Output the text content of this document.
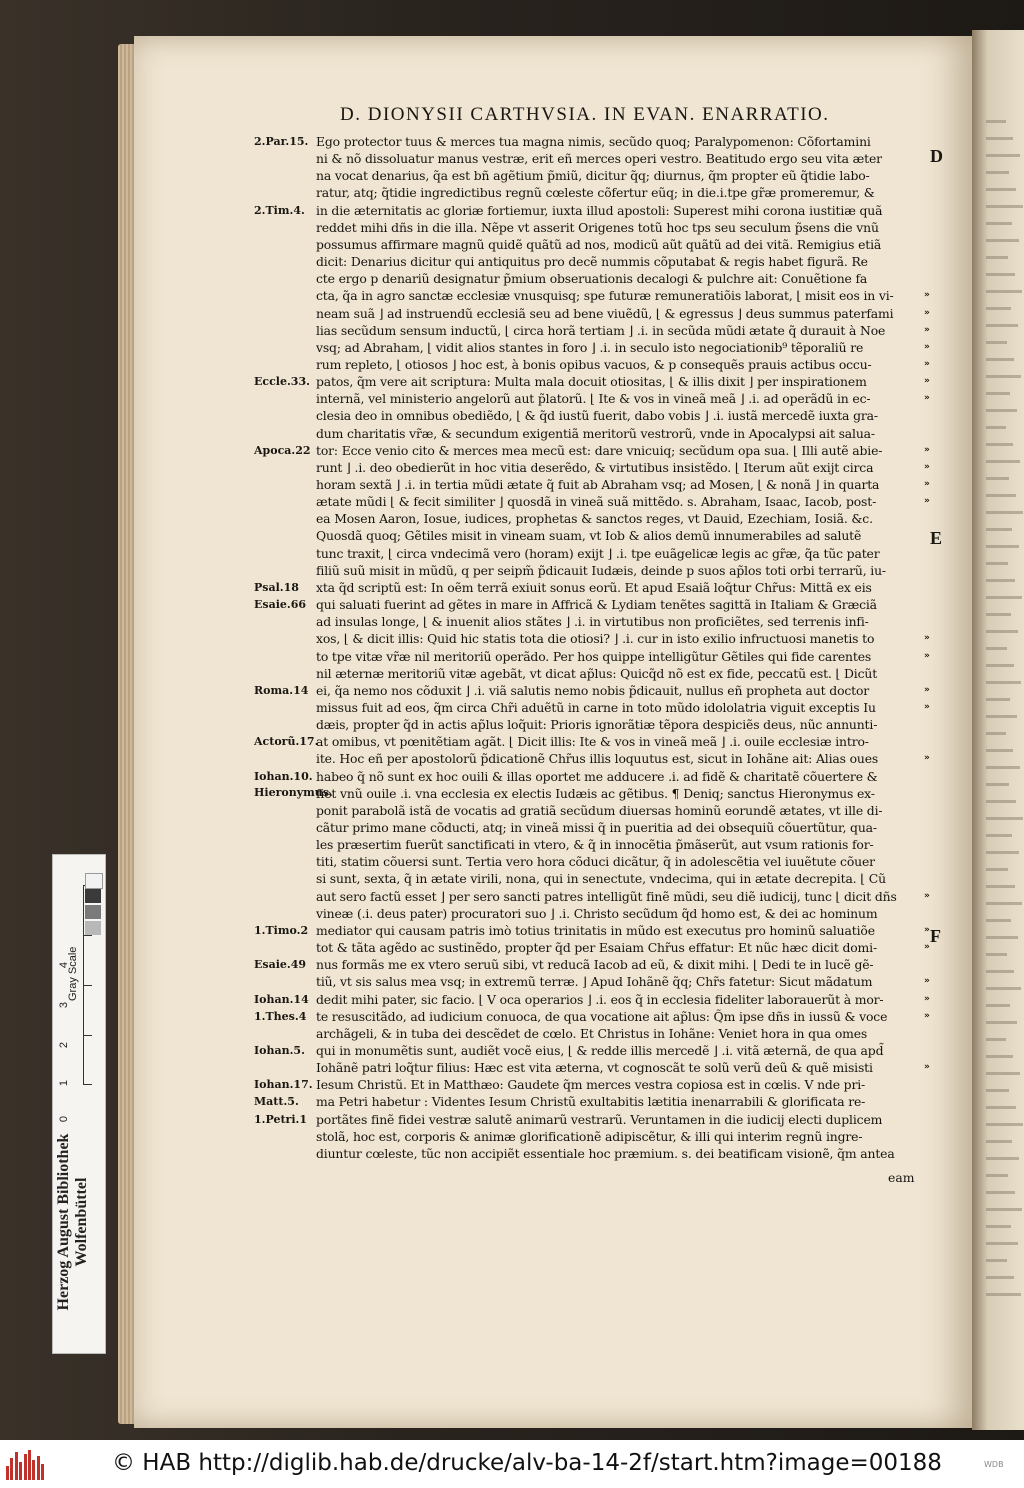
D. DIONYSII CARTHVSIA. IN EVAN. ENARRATIO.
D
E
F
Ego protector tuus & merces tua magna nimis, secũdo quoq; Paralypomenon: Cõfortamini
ni & nõ dissoluatur manus vestræ, erit eñ merces operi vestro. Beatitudo ergo seu vita æter
na vocat denarius, q̃a est bñ agẽtium p̃miũ, dicitur q̃q; diurnus, q̃m propter eũ q̃tidie labo-
ratur, atq; q̃tidie ingredictibus regnũ cœleste cõfertur eũq; in die.i.tpe gr̃æ promeremur, &
in die æternitatis ac gloriæ fortiemur, iuxta illud apostoli: Superest mihi corona iustitiæ quã
reddet mihi dñs in die illa. Nẽpe vt asserit Origenes totũ hoc tps seu seculum p̃sens die vnũ
possumus affirmare magnũ quidẽ quãtũ ad nos, modicũ aũt quãtũ ad dei vitã. Remigius etiã
dicit: Denarius dicitur qui antiquitus pro decẽ nummis cõputabat & regis habet figurã. Re
cte ergo p denariũ designatur p̃mium obseruationis decalogi & pulchre ait: Conuẽtione fa
cta, q̃a in agro sanctæ ecclesiæ vnusquisq; spe futuræ remuneratiõis laborat, ⌊ misit eos in vi-
neam suã ⌋ ad instruendũ ecclesiã seu ad bene viuẽdũ, ⌊ & egressus ⌋ deus summus paterfami
lias secũdum sensum inductũ, ⌊ circa horã tertiam ⌋ .i. in secũda mũdi ætate q̃ durauit à Noe
vsq; ad Abraham, ⌊ vidit alios stantes in foro ⌋ .i. in seculo isto negociationib⁹ tẽporaliũ re
rum repleto, ⌊ otiosos ⌋ hoc est, à bonis opibus vacuos, & p consequẽs prauis actibus occu-
patos, q̃m vere ait scriptura: Multa mala docuit otiositas, ⌊ & illis dixit ⌋ per inspirationem
internã, vel ministerio angelorũ aut p̃latorũ. ⌊ Ite & vos in vineã meã ⌋ .i. ad operãdũ in ec-
clesia deo in omnibus obediẽdo, ⌊ & q̃d iustũ fuerit, dabo vobis ⌋ .i. iustã mercedẽ iuxta gra-
dum charitatis vr̃æ, & secundum exigentiã meritorũ vestrorũ, vnde in Apocalypsi ait salua-
tor: Ecce venio cito & merces mea mecũ est: dare vnicuiq; secũdum opa sua. ⌊ Illi autẽ abie-
runt ⌋ .i. deo obedierũt in hoc vitia deserẽdo, & virtutibus insistẽdo. ⌊ Iterum aũt exijt circa
horam sextã ⌋ .i. in tertia mũdi ætate q̃ fuit ab Abraham vsq; ad Mosen, ⌊ & nonã ⌋ in quarta
ætate mũdi ⌊ & fecit similiter ⌋ quosdã in vineã suã mittẽdo. s. Abraham, Isaac, Iacob, post-
ea Mosen Aaron, Iosue, iudices, prophetas & sanctos reges, vt Dauid, Ezechiam, Iosiã. &c.
Quosdã quoq; Gẽtiles misit in vineam suam, vt Iob & alios demũ innumerabiles ad salutẽ
tunc traxit, ⌊ circa vndecimã vero (horam) exijt ⌋ .i. tpe euãgelicæ legis ac gr̃æ, q̃a tũc pater
filiũ suũ misit in mũdũ, q per seipm̃ p̃dicauit Iudæis, deinde p suos ap̃los toti orbi terrarũ, iu-
xta q̃d scriptũ est: In oẽm terrã exiuit sonus eorũ. Et apud Esaiã loq̃tur Chr̃us: Mittã ex eis
qui saluati fuerint ad gẽtes in mare in Affricã & Lydiam tenẽtes sagittã in Italiam & Græciã
ad insulas longe, ⌊ & inuenit alios stãtes ⌋ .i. in virtutibus non proficiẽtes, sed terrenis infi-
xos, ⌊ & dicit illis: Quid hic statis tota die otiosi? ⌋ .i. cur in isto exilio infructuosi manetis to
to tpe vitæ vr̃æ nil meritoriũ operãdo. Per hos quippe intelligũtur Gẽtiles qui fide carentes
nil æternæ meritoriũ vitæ agebãt, vt dicat ap̃lus: Quicq̃d nõ est ex fide, peccatũ est. ⌊ Dicũt
ei, q̃a nemo nos cõduxit ⌋ .i. viã salutis nemo nobis p̃dicauit, nullus eñ propheta aut doctor
missus fuit ad eos, q̃m circa Chr̃i aduẽtũ in carne in toto mũdo idololatria viguit exceptis Iu
dæis, propter q̃d in actis ap̃lus loq̃uit: Prioris ignorãtiæ tẽpora despiciẽs deus, nũc annunti-
at omibus, vt pœnitẽtiam agãt. ⌊ Dicit illis: Ite & vos in vineã meã ⌋ .i. ouile ecclesiæ intro-
ite. Hoc eñ per apostolorũ p̃dicationẽ Chr̃us illis loquutus est, sicut in Iohãne ait: Alias oues
habeo q̃ nõ sunt ex hoc ouili & illas oportet me adducere .i. ad fidẽ & charitatẽ cõuertere &
fiet vnũ ouile .i. vna ecclesia ex electis Iudæis ac gẽtibus. ¶ Deniq; sanctus Hieronymus ex-
ponit parabolã istã de vocatis ad gratiã secũdum diuersas hominũ eorundẽ ætates, vt ille di-
cãtur primo mane cõducti, atq; in vineã missi q̃ in pueritia ad dei obsequiũ cõuertũtur, qua-
les præsertim fuerũt sanctificati in vtero, & q̃ in innocẽtia p̃mãserũt, aut vsum rationis for-
titi, statim cõuersi sunt. Tertia vero hora cõduci dicãtur, q̃ in adolescẽtia vel iuuẽtute cõuer
si sunt, sexta, q̃ in ætate virili, nona, qui in senectute, vndecima, qui in ætate decrepita. ⌊ Cũ
aut sero factũ esset ⌋ per sero sancti patres intelligũt finẽ mũdi, seu diẽ iudicij, tunc ⌊ dicit dñs
vineæ (.i. deus pater) procuratori suo ⌋ .i. Christo secũdum q̃d homo est, & dei ac hominum
mediator qui causam patris imò totius trinitatis in mũdo est executus pro hominũ saluatiõe
tot & tãta agẽdo ac sustinẽdo, propter q̃d per Esaiam Chr̃us effatur: Et nũc hæc dicit domi-
nus formãs me ex vtero seruũ sibi, vt reducã Iacob ad eũ, & dixit mihi. ⌊ Dedi te in lucẽ gẽ-
tiũ, vt sis salus mea vsq; in extremũ terræ. ⌋ Apud Iohãnẽ q̃q; Chr̃s fatetur: Sicut mãdatum
dedit mihi pater, sic facio. ⌊ V oca operarios ⌋ .i. eos q̃ in ecclesia fideliter laborauerũt à mor-
te resuscitãdo, ad iudicium conuoca, de qua vocatione ait ap̃lus: Q̃m ipse dñs in iussũ & voce
archãgeli, & in tuba dei descẽdet de cœlo. Et Christus in Iohãne: Veniet hora in qua omes
qui in monumẽtis sunt, audiẽt vocẽ eius, ⌊ & redde illis mercedẽ ⌋ .i. vitã æternã, de qua apd̃
Iohãnẽ patri loq̃tur filius: Hæc est vita æterna, vt cognoscãt te solũ verũ deũ & quẽ misisti
Iesum Christũ. Et in Matthæo: Gaudete q̃m merces vestra copiosa est in cœlis. V nde pri-
ma Petri habetur : Videntes Iesum Christũ exultabitis lætitia inenarrabili & glorificata re-
portãtes finẽ fidei vestræ salutẽ animarũ vestrarũ. Veruntamen in die iudicij electi duplicem
stolã, hoc est, corporis & animæ glorificationẽ adipiscẽtur, & illi qui interim regnũ ingre-
diuntur cœleste, tũc non accipiẽt essentiale hoc præmium. s. dei beatificam visionẽ, q̃m antea
2.Par.15.
2.Tim.4.
Eccle.33.
Apoca.22
Psal.18
Esaie.66
Roma.14
Actorũ.17.
Iohan.10.
Hieronymus.
1.Timo.2
Esaie.49
Iohan.14
1.Thes.4
Iohan.5.
Iohan.17.
Matt.5.
1.Petri.1
»
»
»
»
»
»
»
»
»
»
»
»
»
»
»
»
»
»
»
»
»
»
»
eam
Herzog August Bibliothek Wolfenbüttel
4
3
2
1
0
Gray Scale
© HAB http://diglib.hab.de/drucke/alv-ba-14-2f/start.htm?image=00188	WDB
